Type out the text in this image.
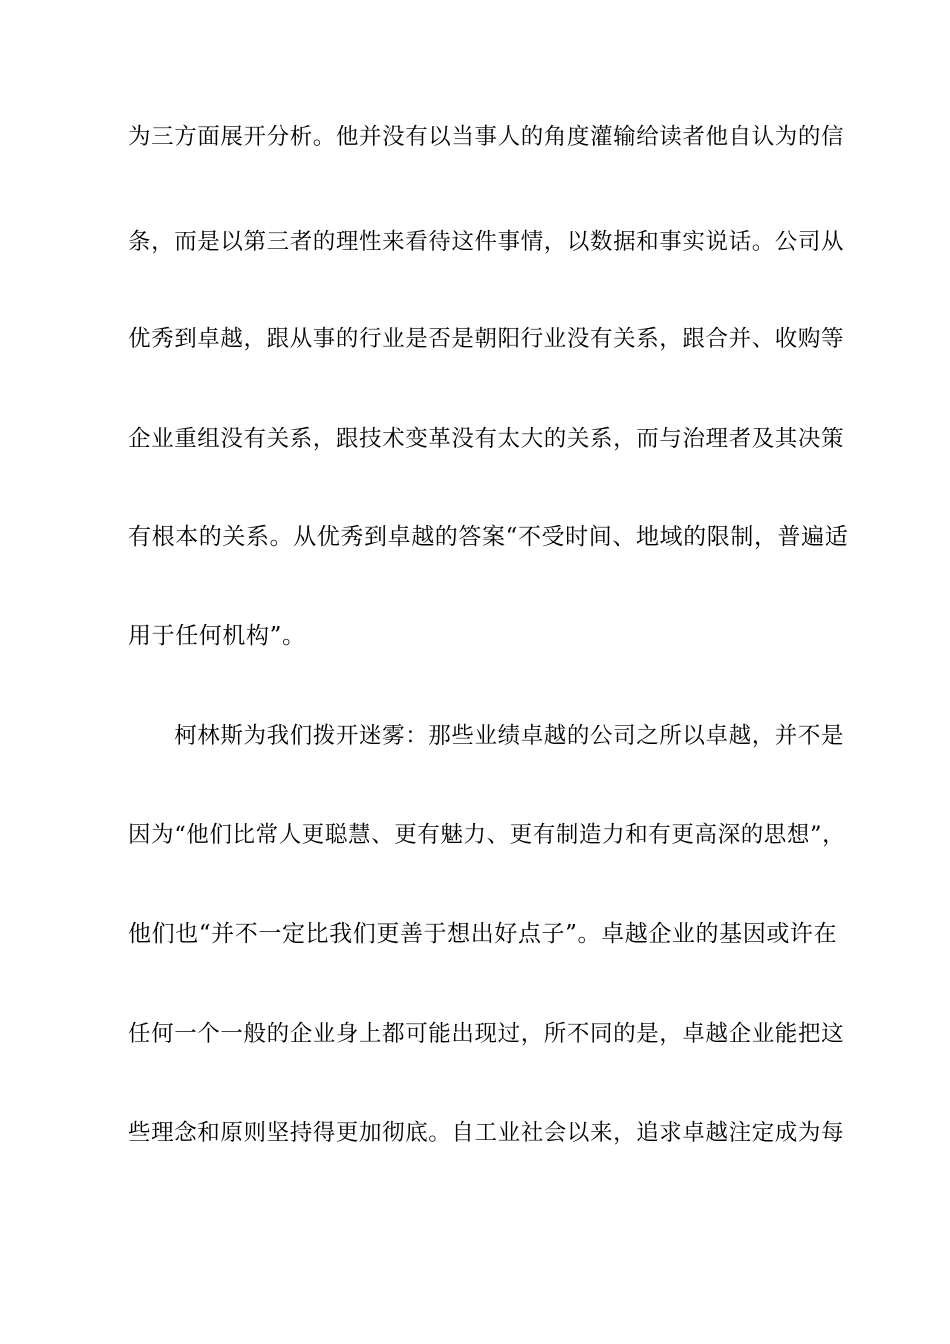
为三方面展开分析。他并没有以当事人的角度灌输给读者他自认为的信
条，而是以第三者的理性来看待这件事情，以数据和事实说话。公司从
优秀到卓越，跟从事的行业是否是朝阳行业没有关系，跟合并、收购等
企业重组没有关系，跟技术变革没有太大的关系，而与治理者及其决策
有根本的关系。从优秀到卓越的答案“不受时间、地域的限制，普遍适
用于任何机构”。
　　柯林斯为我们拨开迷雾：那些业绩卓越的公司之所以卓越，并不是
因为“他们比常人更聪慧、更有魅力、更有制造力和有更高深的思想”，
他们也“并不一定比我们更善于想出好点子”。卓越企业的基因或许在
任何一个一般的企业身上都可能出现过，所不同的是，卓越企业能把这
些理念和原则坚持得更加彻底。自工业社会以来，追求卓越注定成为每
